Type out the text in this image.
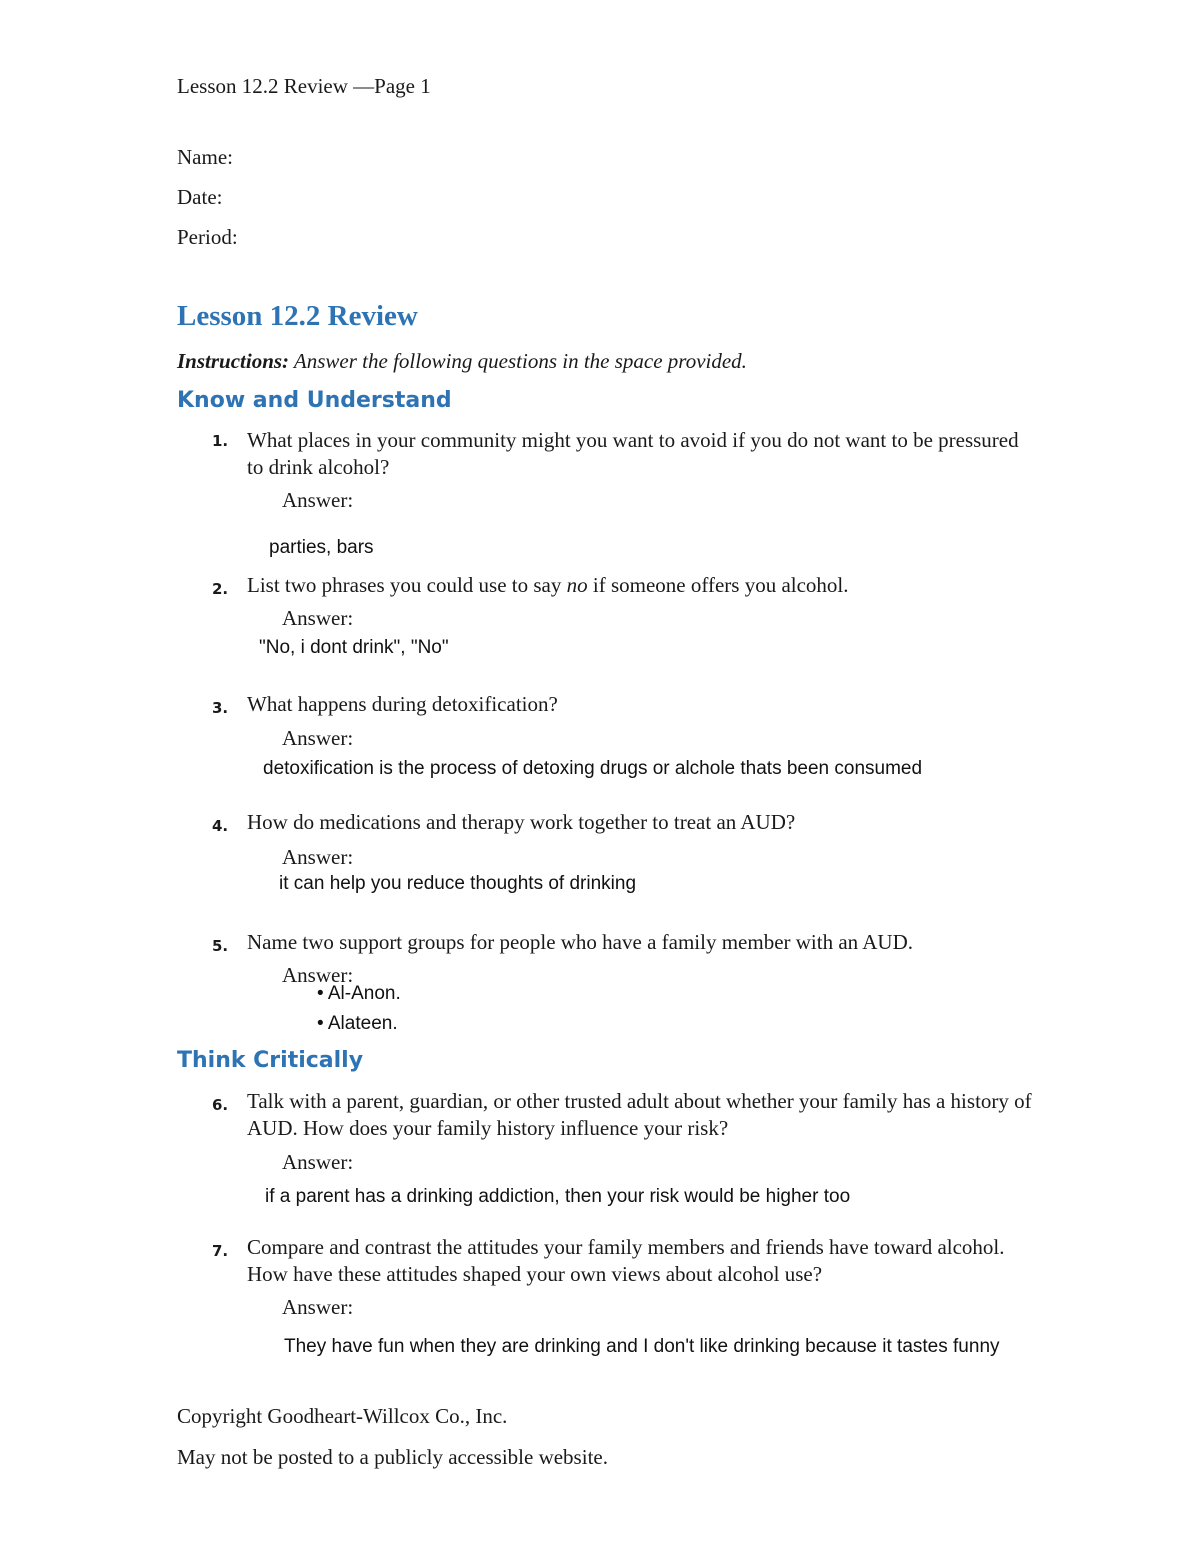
Lesson 12.2 Review —Page 1
Name:
Date:
Period:
Lesson 12.2 Review
Instructions: Answer the following questions in the space provided.
Know and Understand
1. What places in your community might you want to avoid if you do not want to be pressured to drink alcohol?
Answer:
parties, bars
2. List two phrases you could use to say no if someone offers you alcohol.
Answer:
"No, i dont drink", "No"
3. What happens during detoxification?
Answer:
detoxification is the process of detoxing drugs or alchole thats been consumed
4. How do medications and therapy work together to treat an AUD?
Answer:
it can help you reduce thoughts of drinking
5. Name two support groups for people who have a family member with an AUD.
Answer:
• Al-Anon.
• Alateen.
Think Critically
6. Talk with a parent, guardian, or other trusted adult about whether your family has a history of AUD. How does your family history influence your risk?
Answer:
if a parent has a drinking addiction, then your risk would be higher too
7. Compare and contrast the attitudes your family members and friends have toward alcohol. How have these attitudes shaped your own views about alcohol use?
Answer:
They have fun when they are drinking and I don't like drinking because it tastes funny
Copyright Goodheart-Willcox Co., Inc.
May not be posted to a publicly accessible website.
